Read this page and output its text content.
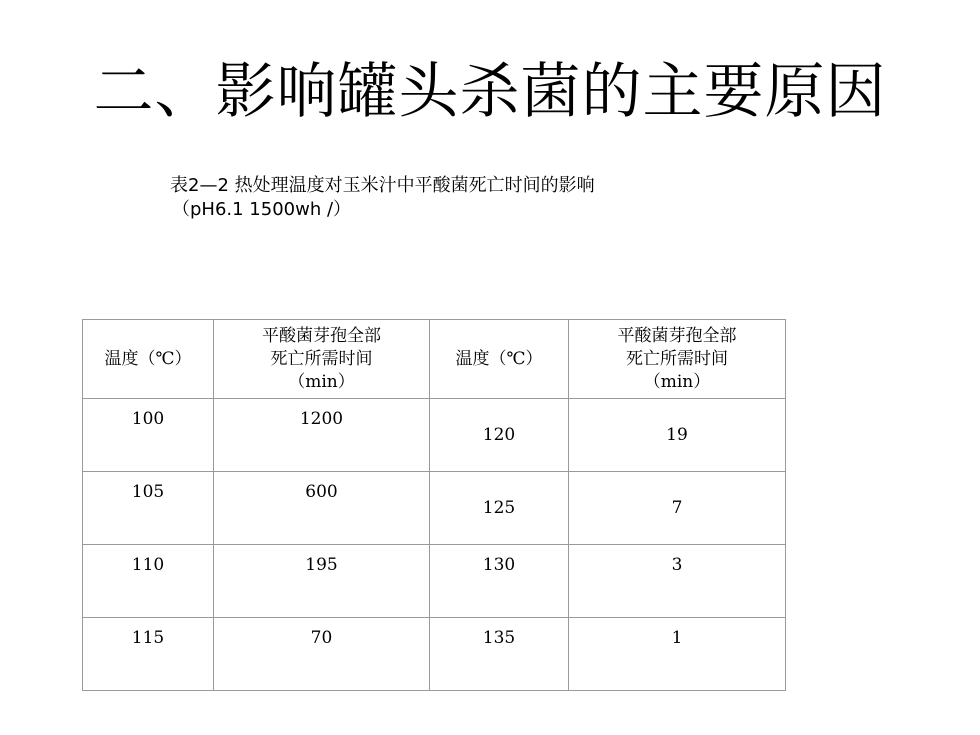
二、影响罐头杀菌的主要原因
表2—2 热处理温度对玉米汁中平酸菌死亡时间的影响
（pH6.1 1500wh /）
温度（℃）	平酸菌芽孢全部
死亡所需时间
（min）	温度（℃）	平酸菌芽孢全部
死亡所需时间
（min）

100	1200	120	19
105	600	125	7
110	195	130	3
115	70	135	1
